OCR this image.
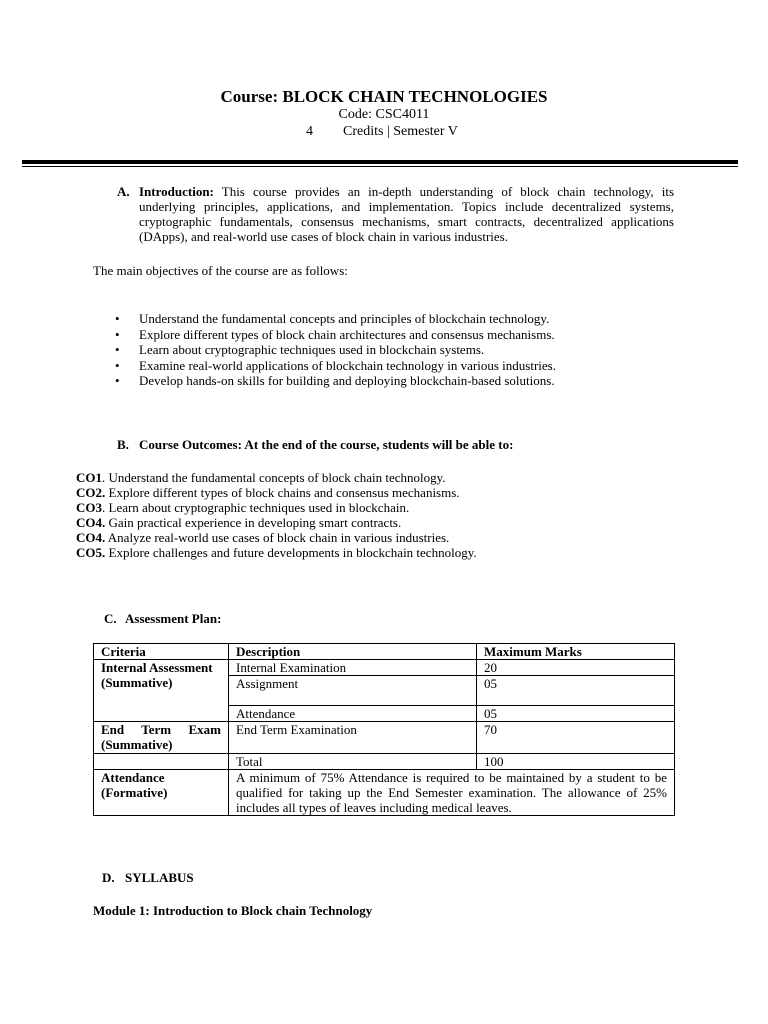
Course: BLOCK CHAIN TECHNOLOGIES
Code: CSC4011
4 Credits | Semester V
A. Introduction: This course provides an in-depth understanding of block chain technology, its underlying principles, applications, and implementation. Topics include decentralized systems, cryptographic fundamentals, consensus mechanisms, smart contracts, decentralized applications (DApps), and real-world use cases of block chain in various industries.
The main objectives of the course are as follows:
• Understand the fundamental concepts and principles of blockchain technology.
• Explore different types of block chain architectures and consensus mechanisms.
• Learn about cryptographic techniques used in blockchain systems.
• Examine real-world applications of blockchain technology in various industries.
• Develop hands-on skills for building and deploying blockchain-based solutions.
B. Course Outcomes: At the end of the course, students will be able to:
CO1. Understand the fundamental concepts of block chain technology.
CO2. Explore different types of block chains and consensus mechanisms.
CO3. Learn about cryptographic techniques used in blockchain.
CO4. Gain practical experience in developing smart contracts.
CO4. Analyze real-world use cases of block chain in various industries.
CO5. Explore challenges and future developments in blockchain technology.
C. Assessment Plan:
Criteria	Description	Maximum Marks
Internal Assessment (Summative)	Internal Examination	20
	Assignment	05
	Attendance	05
End Term Exam (Summative)	End Term Examination	70
	Total	100
Attendance (Formative)	A minimum of 75% Attendance is required to be maintained by a student to be qualified for taking up the End Semester examination. The allowance of 25% includes all types of leaves including medical leaves.	
D. SYLLABUS
Module 1: Introduction to Block chain Technology
